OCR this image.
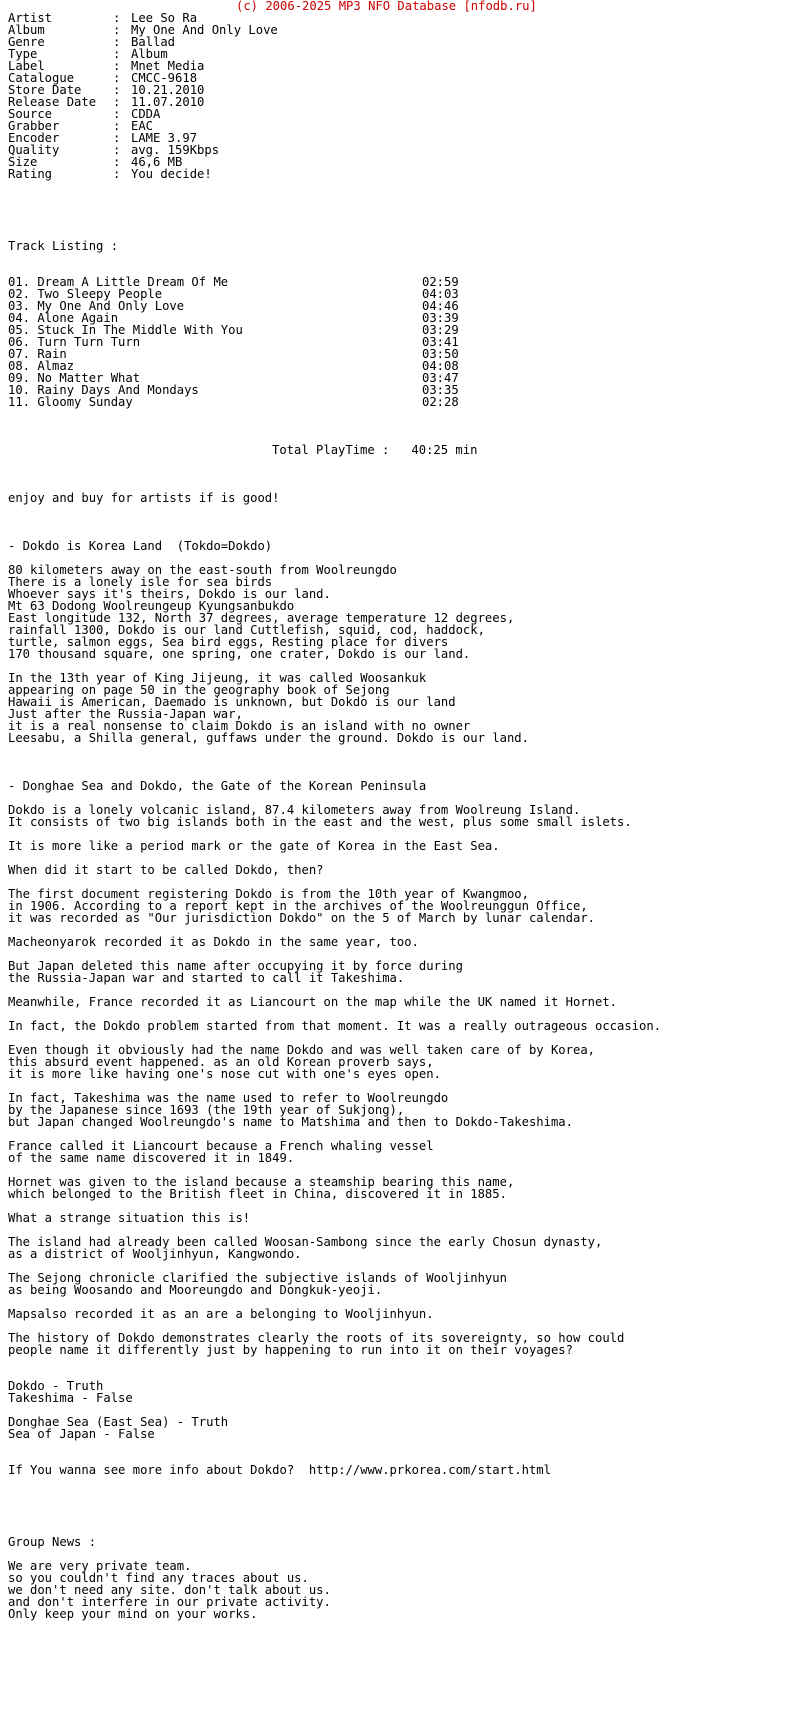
(c) 2006-2025 MP3 NFO Database [nfodb.ru]
Artist	: Lee So Ra
Album	: My One And Only Love
Genre	: Ballad
Type	: Album
Label	: Mnet Media
Catalogue	: CMCC-9618
Store Date	: 10.21.2010
Release Date	: 11.07.2010
Source	: CDDA
Grabber	: EAC
Encoder	: LAME 3.97
Quality	: avg. 159Kbps
Size	: 46,6 MB
Rating	: You decide!
Track Listing :
01. Dream A Little Dream Of Me	02:59
02. Two Sleepy People	04:03
03. My One And Only Love	04:46
04. Alone Again	03:39
05. Stuck In The Middle With You	03:29
06. Turn Turn Turn	03:41
07. Rain	03:50
08. Almaz	04:08
09. No Matter What	03:47
10. Rainy Days And Mondays	03:35
11. Gloomy Sunday	02:28
Total PlayTime :   40:25 min
enjoy and buy for artists if is good!
- Dokdo is Korea Land  (Tokdo=Dokdo)
80 kilometers away on the east-south from Woolreungdo
There is a lonely isle for sea birds
Whoever says it's theirs, Dokdo is our land.
Mt 63 Dodong Woolreungeup Kyungsanbukdo
East longitude 132, North 37 degrees, average temperature 12 degrees,
rainfall 1300, Dokdo is our land Cuttlefish, squid, cod, haddock,
turtle, salmon eggs, Sea bird eggs, Resting place for divers
170 thousand square, one spring, one crater, Dokdo is our land.
In the 13th year of King Jijeung, it was called Woosankuk
appearing on page 50 in the geography book of Sejong
Hawaii is American, Daemado is unknown, but Dokdo is our land
Just after the Russia-Japan war,
it is a real nonsense to claim Dokdo is an island with no owner
Leesabu, a Shilla general, guffaws under the ground. Dokdo is our land.
- Donghae Sea and Dokdo, the Gate of the Korean Peninsula
Dokdo is a lonely volcanic island, 87.4 kilometers away from Woolreung Island.
It consists of two big islands both in the east and the west, plus some small islets.
It is more like a period mark or the gate of Korea in the East Sea.
When did it start to be called Dokdo, then?
The first document registering Dokdo is from the 10th year of Kwangmoo,
in 1906. According to a report kept in the archives of the Woolreunggun Office,
it was recorded as "Our jurisdiction Dokdo" on the 5 of March by lunar calendar.
Macheonyarok recorded it as Dokdo in the same year, too.
But Japan deleted this name after occupying it by force during
the Russia-Japan war and started to call it Takeshima.
Meanwhile, France recorded it as Liancourt on the map while the UK named it Hornet.
In fact, the Dokdo problem started from that moment. It was a really outrageous occasion.
Even though it obviously had the name Dokdo and was well taken care of by Korea,
this absurd event happened. as an old Korean proverb says,
it is more like having one's nose cut with one's eyes open.
In fact, Takeshima was the name used to refer to Woolreungdo
by the Japanese since 1693 (the 19th year of Sukjong),
but Japan changed Woolreungdo's name to Matshima and then to Dokdo-Takeshima.
France called it Liancourt because a French whaling vessel
of the same name discovered it in 1849.
Hornet was given to the island because a steamship bearing this name,
which belonged to the British fleet in China, discovered it in 1885.
What a strange situation this is!
The island had already been called Woosan-Sambong since the early Chosun dynasty,
as a district of Wooljinhyun, Kangwondo.
The Sejong chronicle clarified the subjective islands of Wooljinhyun
as being Woosando and Mooreungdo and Dongkuk-yeoji.
Mapsalso recorded it as an are a belonging to Wooljinhyun.
The history of Dokdo demonstrates clearly the roots of its sovereignty, so how could
people name it differently just by happening to run into it on their voyages?
Dokdo - Truth
Takeshima - False
Donghae Sea (East Sea) - Truth
Sea of Japan - False
If You wanna see more info about Dokdo?  http://www.prkorea.com/start.html
Group News :
We are very private team.
so you couldn't find any traces about us.
we don't need any site. don't talk about us.
and don't interfere in our private activity.
Only keep your mind on your works.
